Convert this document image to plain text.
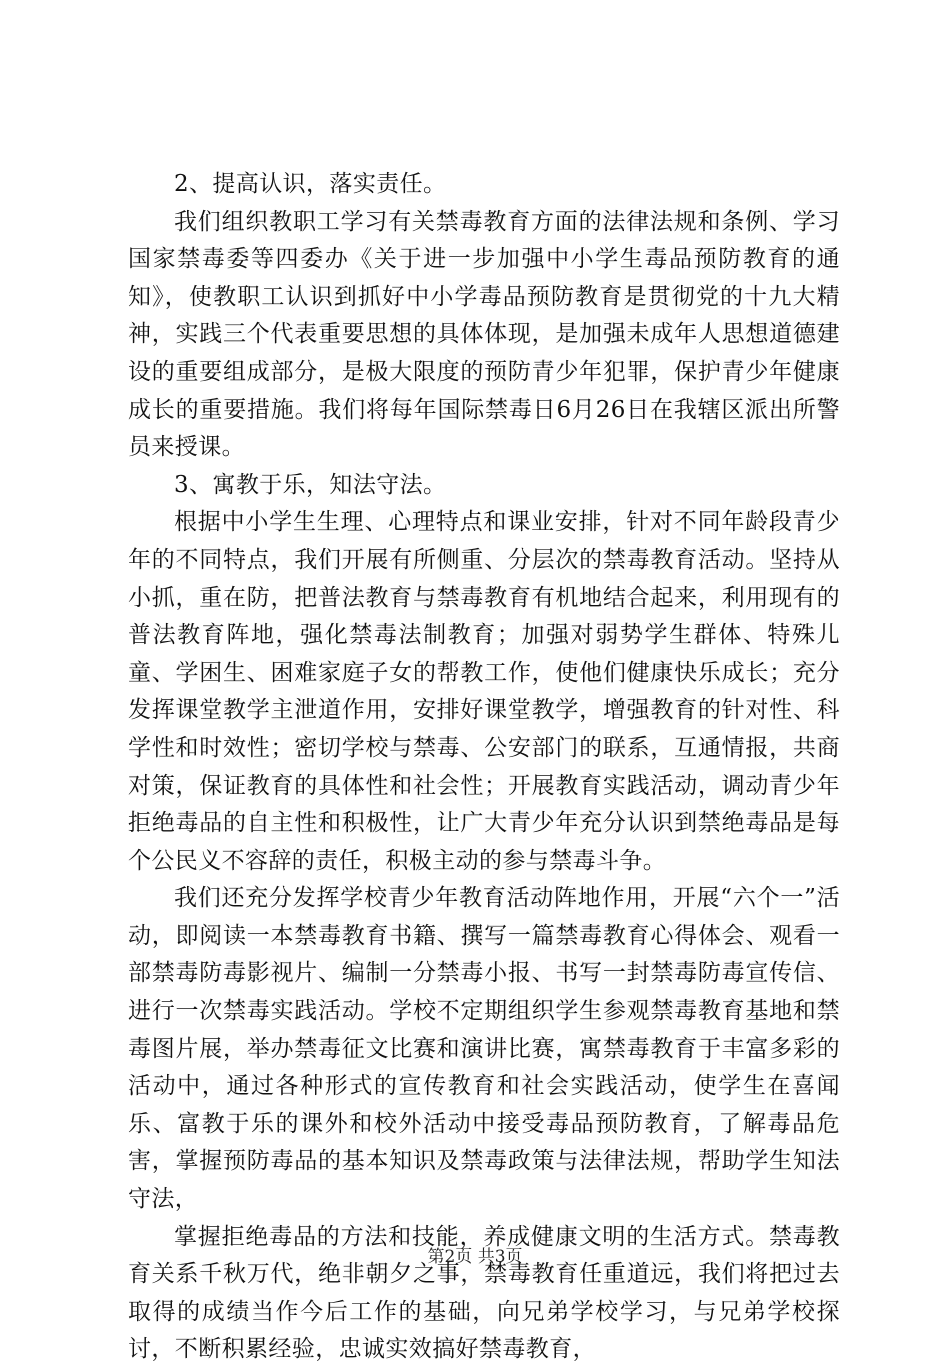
2、提高认识，落实责任。

我们组织教职工学习有关禁毒教育方面的法律法规和条例、学习国家禁毒委等四委办《关于进一步加强中小学生毒品预防教育的通知》，使教职工认识到抓好中小学毒品预防教育是贯彻党的十九大精神，实践三个代表重要思想的具体体现，是加强未成年人思想道德建设的重要组成部分，是极大限度的预防青少年犯罪，保护青少年健康成长的重要措施。我们将每年国际禁毒日6月26日在我辖区派出所警员来授课。

3、寓教于乐，知法守法。

根据中小学生生理、心理特点和课业安排，针对不同年龄段青少年的不同特点，我们开展有所侧重、分层次的禁毒教育活动。坚持从小抓，重在防，把普法教育与禁毒教育有机地结合起来，利用现有的普法教育阵地，强化禁毒法制教育；加强对弱势学生群体、特殊儿童、学困生、困难家庭子女的帮教工作，使他们健康快乐成长；充分发挥课堂教学主泄道作用，安排好课堂教学，增强教育的针对性、科学性和时效性；密切学校与禁毒、公安部门的联系，互通情报，共商对策，保证教育的具体性和社会性；开展教育实践活动，调动青少年拒绝毒品的自主性和积极性，让广大青少年充分认识到禁绝毒品是每个公民义不容辞的责任，积极主动的参与禁毒斗争。

我们还充分发挥学校青少年教育活动阵地作用，开展“六个一”活动，即阅读一本禁毒教育书籍、撰写一篇禁毒教育心得体会、观看一部禁毒防毒影视片、编制一分禁毒小报、书写一封禁毒防毒宣传信、进行一次禁毒实践活动。学校不定期组织学生参观禁毒教育基地和禁毒图片展，举办禁毒征文比赛和演讲比赛，寓禁毒教育于丰富多彩的活动中，通过各种形式的宣传教育和社会实践活动，使学生在喜闻乐、富教于乐的课外和校外活动中接受毒品预防教育，了解毒品危害，掌握预防毒品的基本知识及禁毒政策与法律法规，帮助学生知法守法，

掌握拒绝毒品的方法和技能，养成健康文明的生活方式。禁毒教育关系千秋万代，绝非朝夕之事，禁毒教育任重道远，我们将把过去取得的成绩当作今后工作的基础，向兄弟学校学习，与兄弟学校探讨，不断积累经验，忠诚实效搞好禁毒教育，

第2页 共3页
